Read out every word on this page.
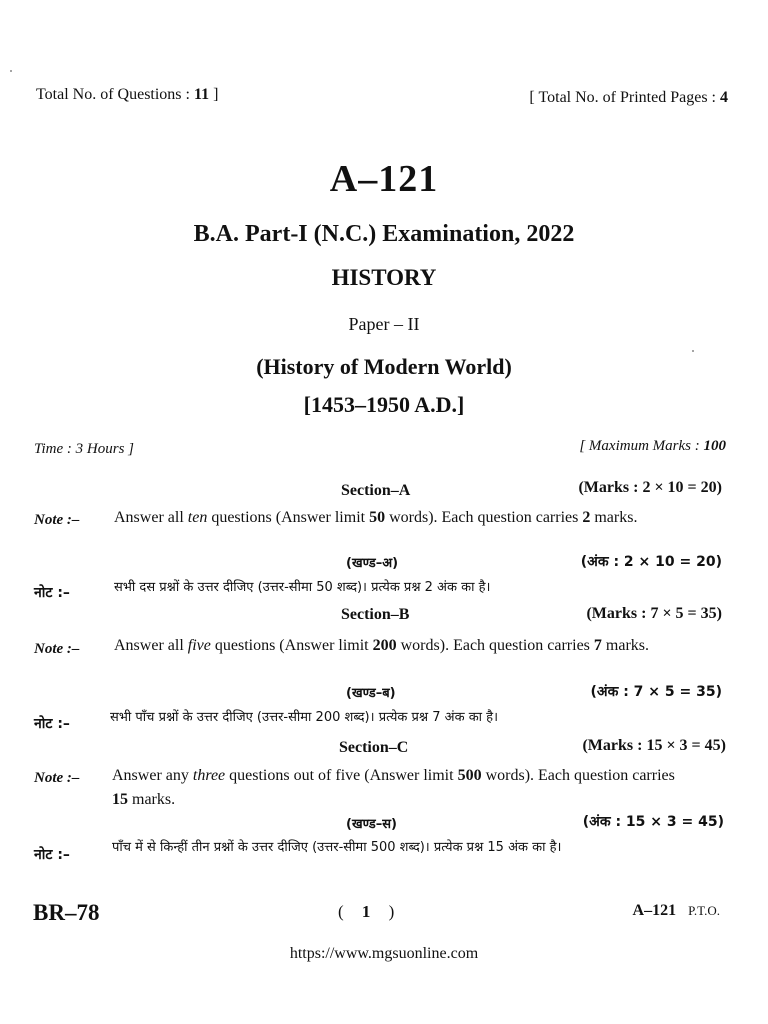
Total No. of Questions : 11 ]	[ Total No. of Printed Pages : 4
A–121
B.A. Part-I (N.C.) Examination, 2022
HISTORY
Paper – II
(History of Modern World)
[1453–1950 A.D.]
Time : 3 Hours ]	[ Maximum Marks : 100
Section–A	(Marks : 2 × 10 = 20)
Note :– Answer all ten questions (Answer limit 50 words). Each question carries 2 marks.
(खण्ड–अ)	(अंक : 2 × 10 = 20)
नोट :–	सभी दस प्रश्नों के उत्तर दीजिए (उत्तर-सीमा 50 शब्द)। प्रत्येक प्रश्न 2 अंक का है।
Section–B	(Marks : 7 × 5 = 35)
Note :– Answer all five questions (Answer limit 200 words). Each question carries 7 marks.
(खण्ड–ब)	(अंक : 7 × 5 = 35)
नोट :–	सभी पाँच प्रश्नों के उत्तर दीजिए (उत्तर-सीमा 200 शब्द)। प्रत्येक प्रश्न 7 अंक का है।
Section–C	(Marks : 15 × 3 = 45)
Note :– Answer any three questions out of five (Answer limit 500 words). Each question carries 15 marks.
(खण्ड–स)	(अंक : 15 × 3 = 45)
नोट :–	पाँच में से किन्हीं तीन प्रश्नों के उत्तर दीजिए (उत्तर-सीमा 500 शब्द)। प्रत्येक प्रश्न 15 अंक का है।
BR–78	( 1 )	A–121 P.T.O.
https://www.mgsuonline.com
